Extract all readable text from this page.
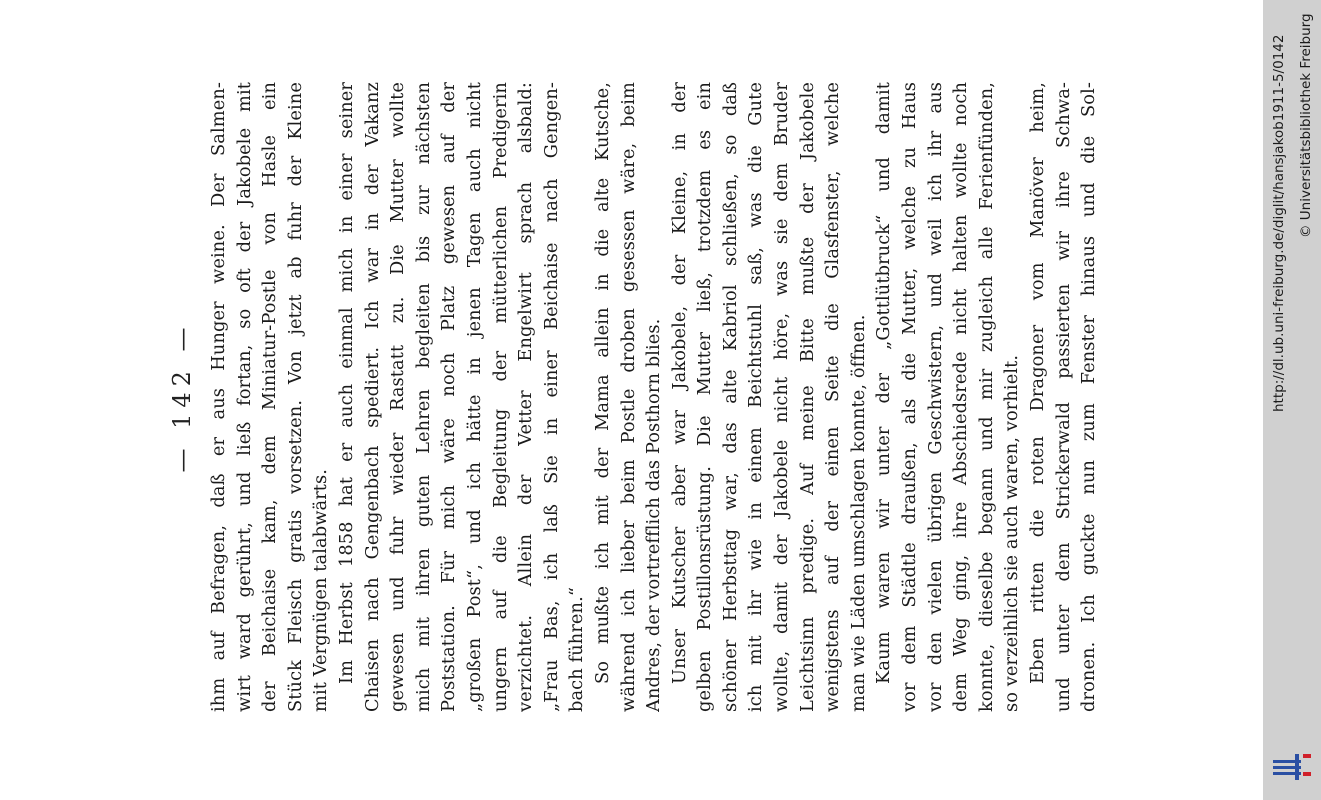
— 142 — ihm auf Befragen, daß er aus Hunger weine. Der Salmen- wirt ward gerührt, und ließ fortan, so oft der Jakobele mit der Beichaise kam, dem Miniatur-Postle von Hasle ein Stück Fleisch gratis vorsetzen. Von jetzt ab fuhr der Kleine mit Vergnügen talabwärts. Im Herbst 1858 hat er auch einmal mich in einer seiner Chaisen nach Gengenbach spediert. Ich war in der Vakanz gewesen und fuhr wieder Rastatt zu. Die Mutter wollte mich mit ihren guten Lehren begleiten bis zur nächsten Poststation. Für mich wäre noch Platz gewesen auf der „großen Post“, und ich hätte in jenen Tagen auch nicht ungern auf die Begleitung der mütterlichen Predigerin verzichtet. Allein der Vetter Engelwirt sprach alsbald: „Frau Bas, ich laß Sie in einer Beichaise nach Gengen- bach führen.“ So mußte ich mit der Mama allein in die alte Kutsche, während ich lieber beim Postle droben gesessen wäre, beim Andres, der vortrefflich das Posthorn blies. Unser Kutscher aber war Jakobele, der Kleine, in der gelben Postillonsrüstung. Die Mutter ließ, trotzdem es ein schöner Herbsttag war, das alte Kabriol schließen, so daß ich mit ihr wie in einem Beichtstuhl saß, was die Gute wollte, damit der Jakobele nicht höre, was sie dem Bruder Leichtsinn predige. Auf meine Bitte mußte der Jakobele wenigstens auf der einen Seite die Glasfenster, welche man wie Läden umschlagen konnte, öffnen. Kaum waren wir unter der „Gottlütbruck“ und damit vor dem Städtle draußen, als die Mutter, welche zu Haus vor den vielen übrigen Geschwistern, und weil ich ihr aus dem Weg ging, ihre Abschiedsrede nicht halten wollte noch konnte, dieselbe begann und mir zugleich alle Ferienfünden, so verzeihlich sie auch waren, vorhielt. Eben ritten die roten Dragoner vom Manöver heim, und unter dem Strickerwald passierten wir ihre Schwa- dronen. Ich guckte nun zum Fenster hinaus und die Sol-	http://dl.ub.uni-freiburg.de/diglit/hansjakob1911-5/0142 © Universitätsbibliothek Freiburg
